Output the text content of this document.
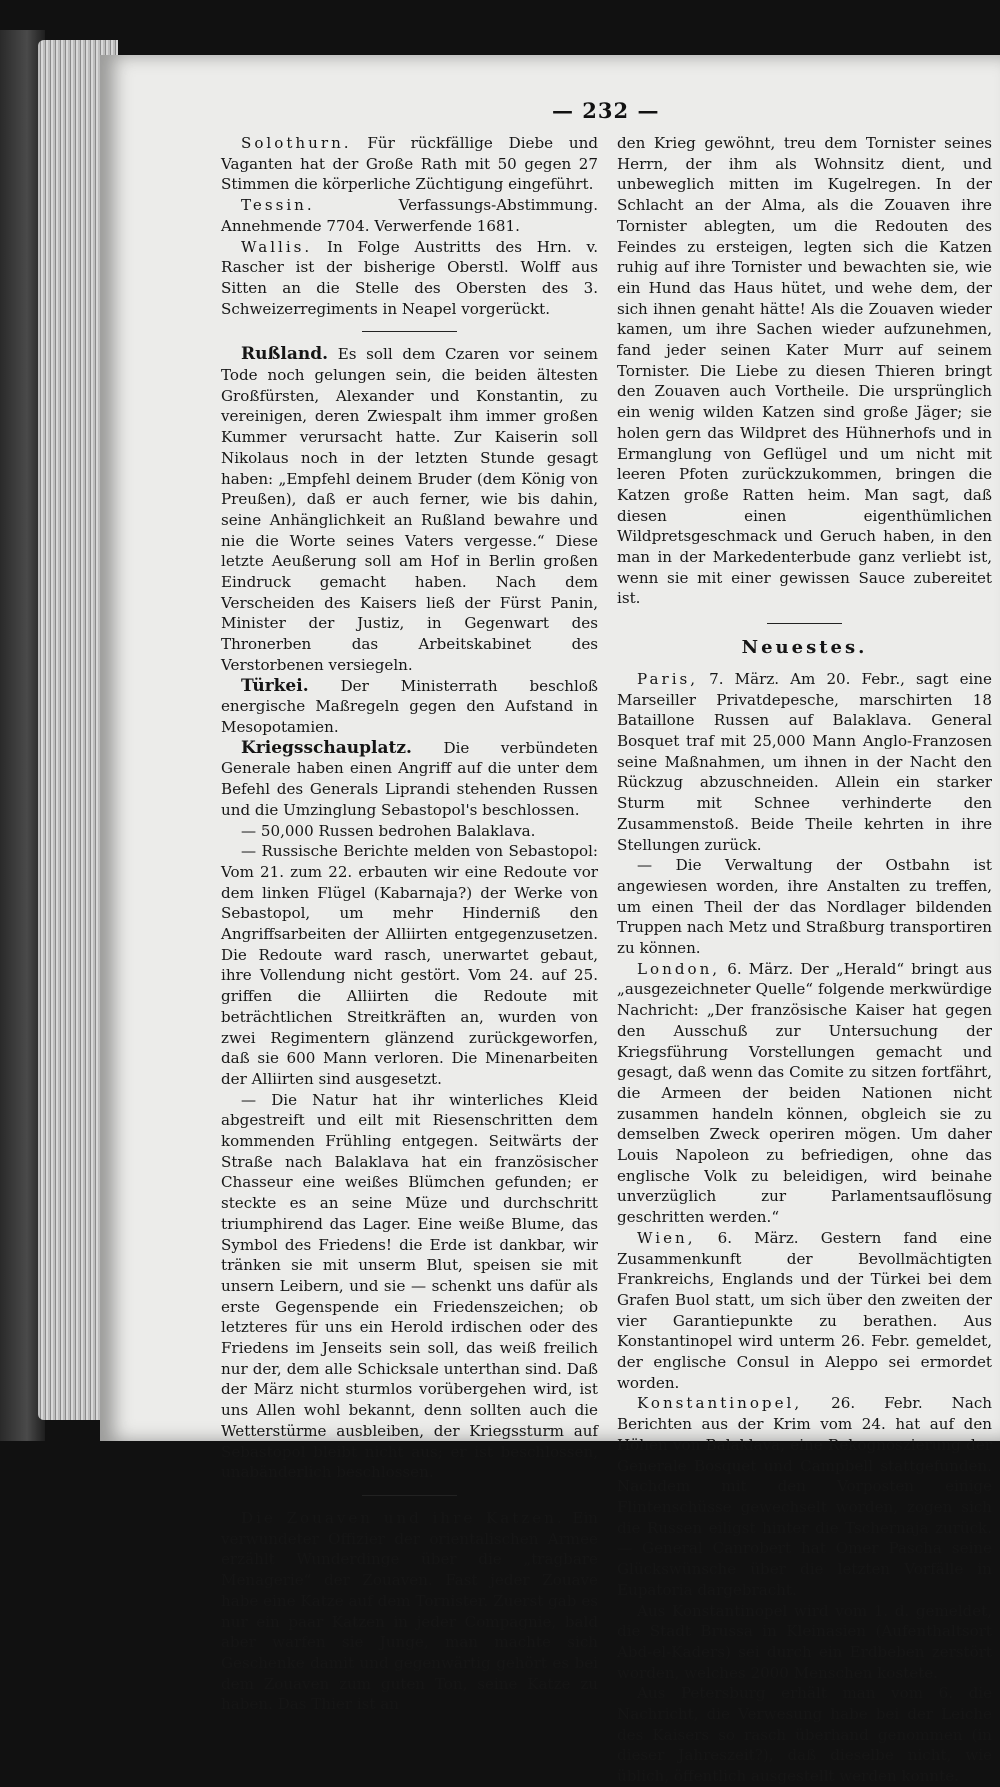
— 232 —

Solothurn. Für rückfällige Diebe und Vaganten hat der Große Rath mit 50 gegen 27 Stimmen die körperliche Züchtigung eingeführt.

Tessin.	Verfassungs-Abstimmung. Annehmende 7704. Verwerfende 1681.

Wallis. In Folge Austritts des Hrn. v. Rascher ist der bisherige Oberstl. Wolff aus Sitten an die Stelle des Obersten des 3. Schweizerregiments in Neapel vorgerückt.

Rußland. Es soll dem Czaren vor seinem Tode noch gelungen sein, die beiden ältesten Großfürsten, Alexander und Konstantin, zu vereinigen, deren Zwiespalt ihm immer großen Kummer verursacht hatte. Zur Kaiserin soll Nikolaus noch in der letzten Stunde gesagt haben: „Empfehl deinem Bruder (dem König von Preußen), daß er auch ferner, wie bis dahin, seine Anhänglichkeit an Rußland bewahre und nie die Worte seines Vaters vergesse.“ Diese letzte Aeußerung soll am Hof in Berlin großen Eindruck gemacht haben. Nach dem Verscheiden des Kaisers ließ der Fürst Panin, Minister der Justiz, in Gegenwart des Thronerben das Arbeitskabinet des Verstorbenen versiegeln.

Türkei. Der Ministerrath beschloß energische Maßregeln gegen den Aufstand in Mesopotamien.

Kriegsschauplatz. Die verbündeten Generale haben einen Angriff auf die unter dem Befehl des Generals Liprandi stehenden Russen und die Umzinglung Sebastopol's beschlossen.

— 50,000 Russen bedrohen Balaklava.

— Russische Berichte melden von Sebastopol: Vom 21. zum 22. erbauten wir eine Redoute vor dem linken Flügel (Kabarnaja?) der Werke von Sebastopol, um mehr Hinderniß den Angriffsarbeiten der Alliirten entgegenzusetzen. Die Redoute ward rasch, unerwartet gebaut, ihre Vollendung nicht gestört. Vom 24. auf 25. griffen die Alliirten die Redoute mit beträchtlichen Streitkräften an, wurden von zwei Regimentern glänzend zurückgeworfen, daß sie 600 Mann verloren. Die Minenarbeiten der Alliirten sind ausgesetzt.

— Die Natur hat ihr winterliches Kleid abgestreift und eilt mit Riesenschritten dem kommenden Frühling entgegen. Seitwärts der Straße nach Balaklava hat ein französischer Chasseur eine weißes Blümchen gefunden; er steckte es an seine Müze und durchschritt triumphirend das Lager. Eine weiße Blume, das Symbol des Friedens! die Erde ist dankbar, wir tränken sie mit unserm Blut, speisen sie mit unsern Leibern, und sie — schenkt uns dafür als erste Gegenspende ein Friedenszeichen; ob letzteres für uns ein Herold irdischen oder des Friedens im Jenseits sein soll, das weiß freilich nur der, dem alle Schicksale unterthan sind. Daß der März nicht sturmlos vorübergehen wird, ist uns Allen wohl bekannt, denn sollten auch die Wetterstürme ausbleiben, der Kriegssturm auf Sebastopol bleibt nicht aus; er ist beschlossen, unabänderlich beschlossen.

Die Zouaven und ihre Katzen. Ein verwundeter Offizier der orientalischen Armee erzählt Wunderdinge über die „tragbare Menagerie“ der Zouaven. Fast jeder Zouave habe eine Katze auf dem Tornister. Zuerst gab es nur ein paar Katzen in jeder Compagnie, bald aber warfen sie Junge, man machte sich Geschenke damit und gegenwärtig gehört es bei dem Zouaven zum guten Ton, seine Katze zu haben. Das Thier ist an

den Krieg gewöhnt, treu dem Tornister seines Herrn, der ihm als Wohnsitz dient, und unbeweglich mitten im Kugelregen. In der Schlacht an der Alma, als die Zouaven ihre Tornister ablegten, um die Redouten des Feindes zu ersteigen, legten sich die Katzen ruhig auf ihre Tornister und bewachten sie, wie ein Hund das Haus hütet, und wehe dem, der sich ihnen genaht hätte! Als die Zouaven wieder kamen, um ihre Sachen wieder aufzunehmen, fand jeder seinen Kater Murr auf seinem Tornister. Die Liebe zu diesen Thieren bringt den Zouaven auch Vortheile. Die ursprünglich ein wenig wilden Katzen sind große Jäger; sie holen gern das Wildpret des Hühnerhofs und in Ermanglung von Geflügel und um nicht mit leeren Pfoten zurückzukommen, bringen die Katzen große Ratten heim. Man sagt, daß diesen einen eigenthümlichen Wildpretsgeschmack und Geruch haben, in den man in der Markedenterbude ganz verliebt ist, wenn sie mit einer gewissen Sauce zubereitet ist.

Neuestes.

Paris, 7. März. Am 20. Febr., sagt eine Marseiller Privatdepesche, marschirten 18 Bataillone Russen auf Balaklava. General Bosquet traf mit 25,000 Mann Anglo-Franzosen seine Maßnahmen, um ihnen in der Nacht den Rückzug abzuschneiden. Allein ein starker Sturm mit Schnee verhinderte den Zusammenstoß. Beide Theile kehrten in ihre Stellungen zurück.

— Die Verwaltung der Ostbahn ist angewiesen worden, ihre Anstalten zu treffen, um einen Theil der das Nordlager bildenden Truppen nach Metz und Straßburg transportiren zu können.

London, 6. März. Der „Herald“ bringt aus „ausgezeichneter Quelle“ folgende merkwürdige Nachricht: „Der französische Kaiser hat gegen den Ausschuß zur Untersuchung der Kriegsführung Vorstellungen gemacht und gesagt, daß wenn das Comite zu sitzen fortfährt, die Armeen der beiden Nationen nicht zusammen handeln können, obgleich sie zu demselben Zweck operiren mögen. Um daher Louis Napoleon zu befriedigen, ohne das englische Volk zu beleidigen, wird beinahe unverzüglich zur Parlamentsauflösung geschritten werden.“

Wien, 6. März. Gestern fand eine Zusammenkunft der Bevollmächtigten Frankreichs, Englands und der Türkei bei dem Grafen Buol statt, um sich über den zweiten der vier Garantiepunkte zu berathen. Aus Konstantinopel wird unterm 26. Febr. gemeldet, der englische Consul in Aleppo sei ermordet worden.

Konstantinopel, 26. Febr. Nach Berichten aus der Krim vom 24. hat auf den Höhen von Balaklava, eine Rekognoszierung der Generale Bosquet und Campbell stattgefunden. Nachdem mit den Vorposten einige Flintenschüsse gewechselt worden, zogen sich die Russen eiligst hinter die Tschernaja zurück. — General Canrobert hat Omer Pascha seine Glückswünsche über die letzten Vorfälle in Eupatoria dargebracht.

Aus Konstantinopel wird vom 1. d. gemeldet, die Stadt Brussa in Kleinasien (Aufenthaltsort Abd-el-Kaders) sei durch ein Erdbeben zerstört worden, welches 2000 Menschen kostete.

Aus Petersburg erhält man vom 6. die Nachricht, die Verwesung habe bei der Leiche des Kaisers so rasch überhand genommen (in dieser Jahreszeit?), daß dieselbe nicht, wie üblich, öffentlich ausgestellt werden konnte.
